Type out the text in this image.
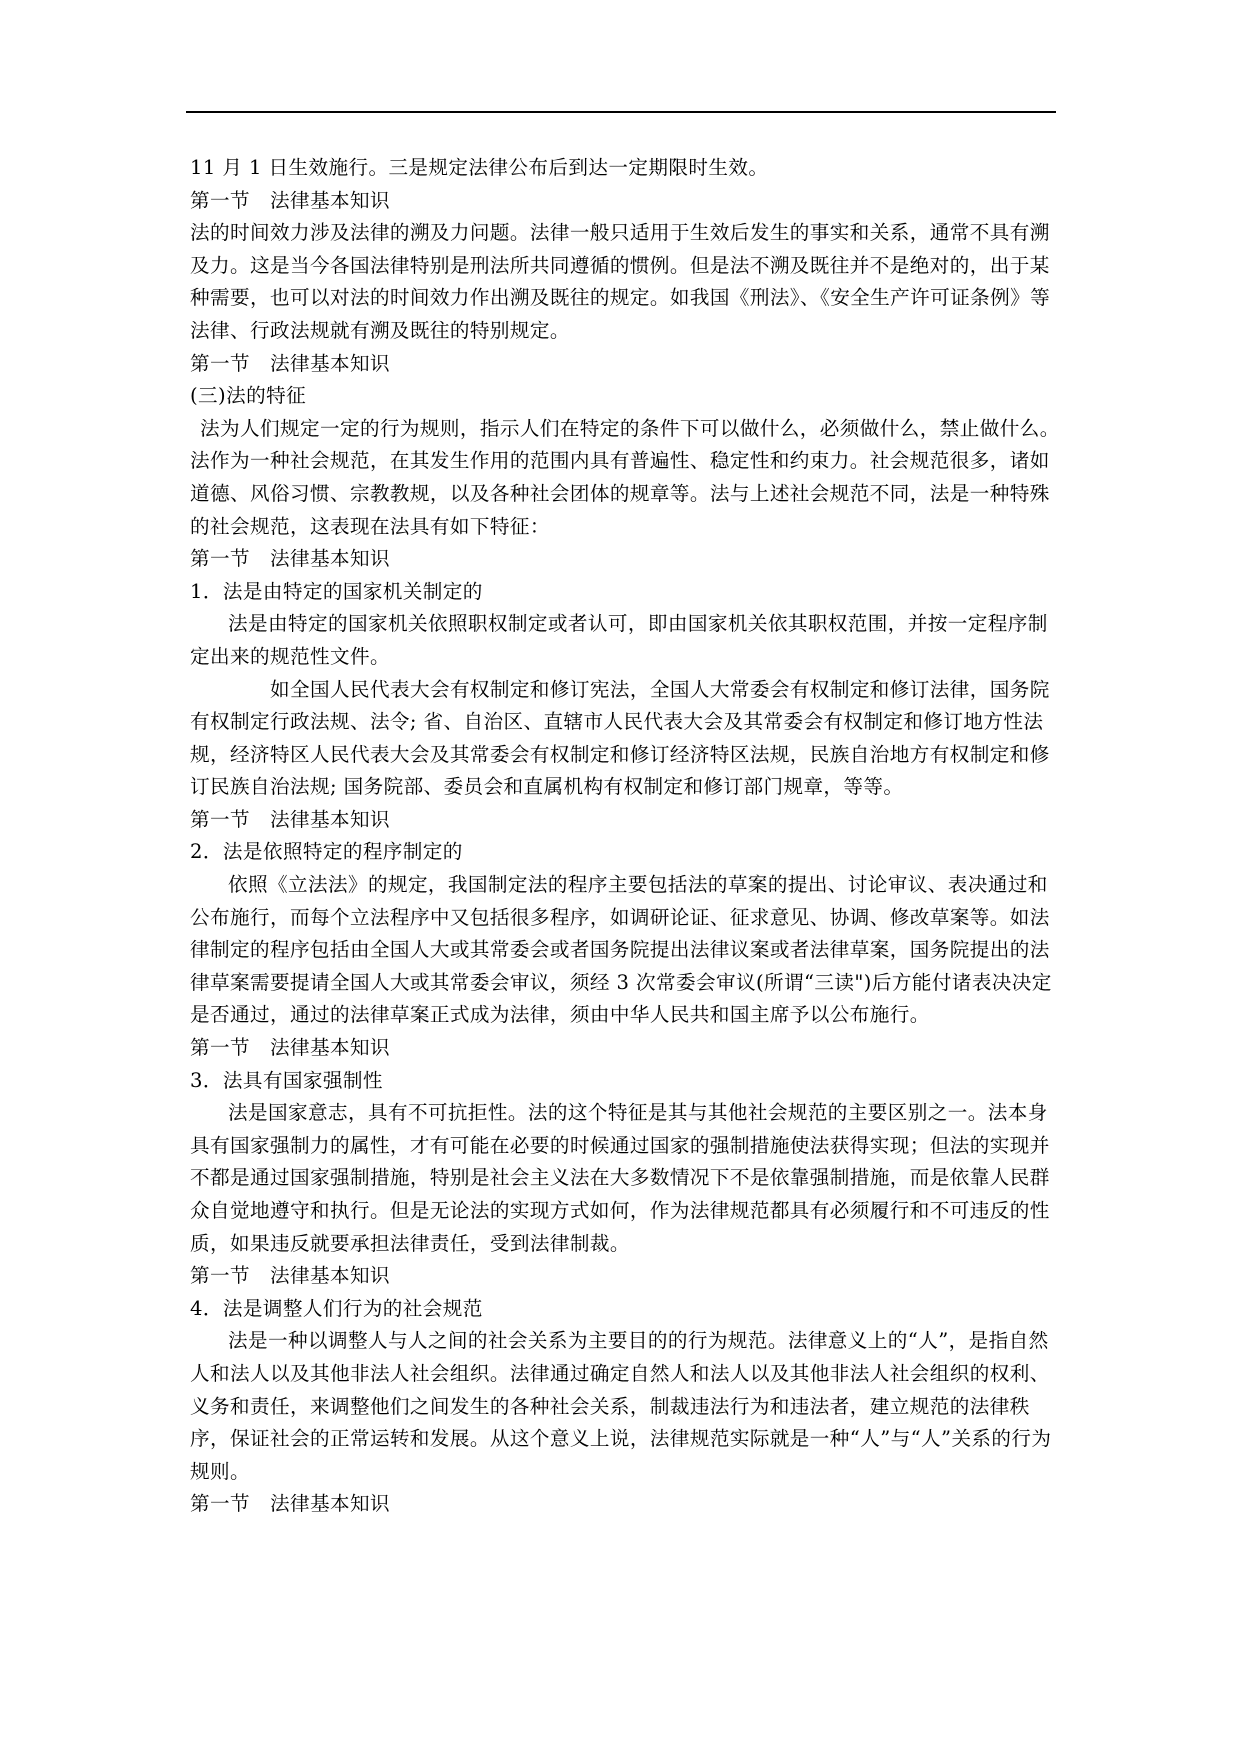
11 月 1 日生效施行。三是规定法律公布后到达一定期限时生效。

第一节　法律基本知识

法的时间效力涉及法律的溯及力问题。法律一般只适用于生效后发生的事实和关系，通常不具有溯及力。这是当今各国法律特别是刑法所共同遵循的惯例。但是法不溯及既往并不是绝对的，出于某种需要，也可以对法的时间效力作出溯及既往的规定。如我国《刑法》、《安全生产许可证条例》等法律、行政法规就有溯及既往的特别规定。

第一节　法律基本知识

(三)法的特征

法为人们规定一定的行为规则，指示人们在特定的条件下可以做什么，必须做什么，禁止做什么。法作为一种社会规范，在其发生作用的范围内具有普遍性、稳定性和约束力。社会规范很多，诸如道德、风俗习惯、宗教教规，以及各种社会团体的规章等。法与上述社会规范不同，法是一种特殊的社会规范，这表现在法具有如下特征：

第一节　法律基本知识

1．法是由特定的国家机关制定的

法是由特定的国家机关依照职权制定或者认可，即由国家机关依其职权范围，并按一定程序制定出来的规范性文件。

如全国人民代表大会有权制定和修订宪法，全国人大常委会有权制定和修订法律，国务院有权制定行政法规、法令; 省、自治区、直辖市人民代表大会及其常委会有权制定和修订地方性法规，经济特区人民代表大会及其常委会有权制定和修订经济特区法规，民族自治地方有权制定和修订民族自治法规; 国务院部、委员会和直属机构有权制定和修订部门规章，等等。

第一节　法律基本知识

2．法是依照特定的程序制定的

依照《立法法》的规定，我国制定法的程序主要包括法的草案的提出、讨论审议、表决通过和公布施行，而每个立法程序中又包括很多程序，如调研论证、征求意见、协调、修改草案等。如法律制定的程序包括由全国人大或其常委会或者国务院提出法律议案或者法律草案，国务院提出的法律草案需要提请全国人大或其常委会审议，须经 3 次常委会审议(所谓“三读")后方能付诸表决决定是否通过，通过的法律草案正式成为法律，须由中华人民共和国主席予以公布施行。

第一节　法律基本知识

3．法具有国家强制性

法是国家意志，具有不可抗拒性。法的这个特征是其与其他社会规范的主要区别之一。法本身具有国家强制力的属性，才有可能在必要的时候通过国家的强制措施使法获得实现；但法的实现并不都是通过国家强制措施，特别是社会主义法在大多数情况下不是依靠强制措施，而是依靠人民群众自觉地遵守和执行。但是无论法的实现方式如何，作为法律规范都具有必须履行和不可违反的性质，如果违反就要承担法律责任，受到法律制裁。

第一节　法律基本知识

4．法是调整人们行为的社会规范

法是一种以调整人与人之间的社会关系为主要目的的行为规范。法律意义上的“人”，是指自然人和法人以及其他非法人社会组织。法律通过确定自然人和法人以及其他非法人社会组织的权利、义务和责任，来调整他们之间发生的各种社会关系，制裁违法行为和违法者，建立规范的法律秩序，保证社会的正常运转和发展。从这个意义上说，法律规范实际就是一种“人”与“人”关系的行为规则。

第一节　法律基本知识
